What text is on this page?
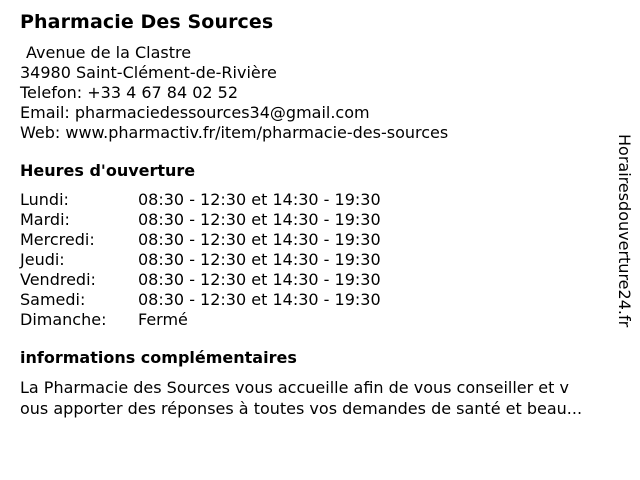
Pharmacie Des Sources
Avenue de la Clastre
34980 Saint-Clément-de-Rivière
Telefon: +33 4 67 84 02 52
Email: pharmaciedessources34@gmail.com
Web: www.pharmactiv.fr/item/pharmacie-des-sources
Heures d'ouverture
Lundi:	08:30 - 12:30 et 14:30 - 19:30
Mardi:	08:30 - 12:30 et 14:30 - 19:30
Mercredi:	08:30 - 12:30 et 14:30 - 19:30
Jeudi:	08:30 - 12:30 et 14:30 - 19:30
Vendredi:	08:30 - 12:30 et 14:30 - 19:30
Samedi:	08:30 - 12:30 et 14:30 - 19:30
Dimanche:	Fermé
informations complémentaires
La Pharmacie des Sources vous accueille afin de vous conseiller et v
ous apporter des réponses à toutes vos demandes de santé et beau...
Horairesdouverture24.fr
